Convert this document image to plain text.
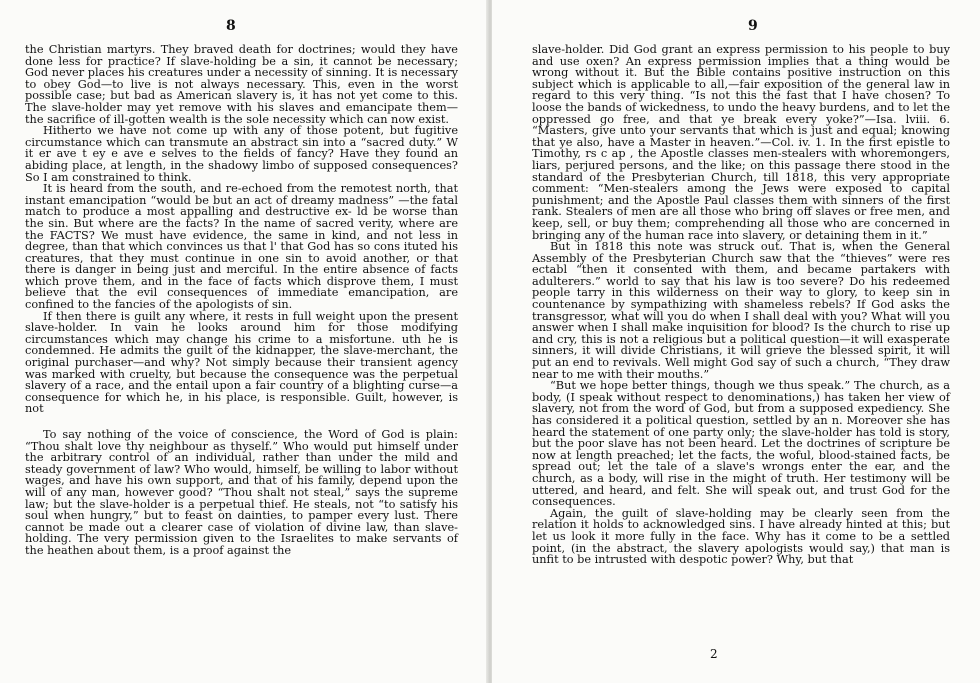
8

the Christian martyrs. They braved death for doctrines; would they have done less for practice? If slave-holding be a sin, it cannot be necessary; God never places his creatures under a necessity of sinning. It is necessary to obey God—to live is not always necessary. This, even in the worst possible case; but bad as American slavery is, it has not yet come to this. The slave-holder may yet remove with his slaves and emancipate them—the sacrifice of ill-gotten wealth is the sole necessity which can now exist.

Hitherto we have not come up with any of those potent, but fugitive circumstance which can transmute an abstract sin into a “sacred duty.” W it er ave t ey e ave e selves to the fields of fancy? Have they found an abiding place, at length, in the shadowy limbo of supposed consequences? So I am constrained to think.

It is heard from the south, and re-echoed from the remotest north, that instant emancipation “would be but an act of dreamy madness” —the fatal match to produce a most appalling and destructive ex- ld be worse than the sin. But where are the facts? In the name of sacred verity, where are the FACTS? We must have evidence, the same in kind, and not less in degree, than that which convinces us that l' that God has so cons ituted his creatures, that they must continue in one sin to avoid another, or that there is danger in being just and merciful. In the entire absence of facts which prove them, and in the face of facts which disprove them, I must believe that the evil consequences of immediate emancipation, are confined to the fancies of the apologists of sin.

If then there is guilt any where, it rests in full weight upon the present slave-holder. In vain he looks around him for those modifying circumstances which may change his crime to a misfortune. uth he is condemned. He admits the guilt of the kidnapper, the slave-merchant, the original purchaser—and why? Not simply because their transient agency was marked with cruelty, but because the consequence was the perpetual slavery of a race, and the entail upon a fair country of a blighting curse—a consequence for which he, in his place, is responsible. Guilt, however, is not

To say nothing of the voice of conscience, the Word of God is plain: “Thou shalt love thy neighbour as thyself.” Who would put himself under the arbitrary control of an individual, rather than under the mild and steady government of law? Who would, himself, be willing to labor without wages, and have his own support, and that of his family, depend upon the will of any man, however good? “Thou shalt not steal,” says the supreme law; but the slave-holder is a perpetual thief. He steals, not “to satisfy his soul when hungry,” but to feast on dainties, to pamper every lust. There cannot be made out a clearer case of violation of divine law, than slave-holding. The very permission given to the Israelites to make servants of the heathen about them, is a proof against the

9

slave-holder. Did God grant an express permission to his people to buy and use oxen? An express permission implies that a thing would be wrong without it. But the Bible contains positive instruction on this subject which is applicable to all,—fair exposition of the general law in regard to this very thing. “Is not this the fast that I have chosen? To loose the bands of wickedness, to undo the heavy burdens, and to let the oppressed go free, and that ye break every yoke?”—Isa. lviii. 6. “Masters, give unto your servants that which is just and equal; knowing that ye also, have a Master in heaven.”—Col. iv. 1. In the first epistle to Timothy, rs c ap , the Apostle classes men-stealers with whoremongers, liars, perjured persons, and the like; on this passage there stood in the standard of the Presbyterian Church, till 1818, this very appropriate comment: “Men-stealers among the Jews were exposed to capital punishment; and the Apostle Paul classes them with sinners of the first rank. Stealers of men are all those who bring off slaves or free men, and keep, sell, or buy them; comprehending all those who are concerned in bringing any of the human race into slavery, or detaining them in it.”

But in 1818 this note was struck out. That is, when the General Assembly of the Presbyterian Church saw that the “thieves” were res ectabl “then it consented with them, and became partakers with adulterers.” world to say that his law is too severe? Do his redeemed people tarry in this wilderness on their way to glory, to keep sin in countenance by sympathizing with shameless rebels? If God asks the transgressor, what will you do when I shall deal with you? What will you answer when I shall make inquisition for blood? Is the church to rise up and cry, this is not a religious but a political question—it will exasperate sinners, it will divide Christians, it will grieve the blessed spirit, it will put an end to revivals. Well might God say of such a church, “They draw near to me with their mouths.”

“But we hope better things, though we thus speak.” The church, as a body, (I speak without respect to denominations,) has taken her view of slavery, not from the word of God, but from a supposed expediency. She has considered it a political question, settled by an n. Moreover she has heard the statement of one party only; the slave-holder has told is story, but the poor slave has not been heard. Let the doctrines of scripture be now at length preached; let the facts, the woful, blood-stained facts, be spread out; let the tale of a slave's wrongs enter the ear, and the church, as a body, will rise in the might of truth. Her testimony will be uttered, and heard, and felt. She will speak out, and trust God for the consequences.

Again, the guilt of slave-holding may be clearly seen from the relation it holds to acknowledged sins. I have already hinted at this; but let us look it more fully in the face. Why has it come to be a settled point, (in the abstract, the slavery apologists would say,) that man is unfit to be intrusted with despotic power? Why, but that

2
